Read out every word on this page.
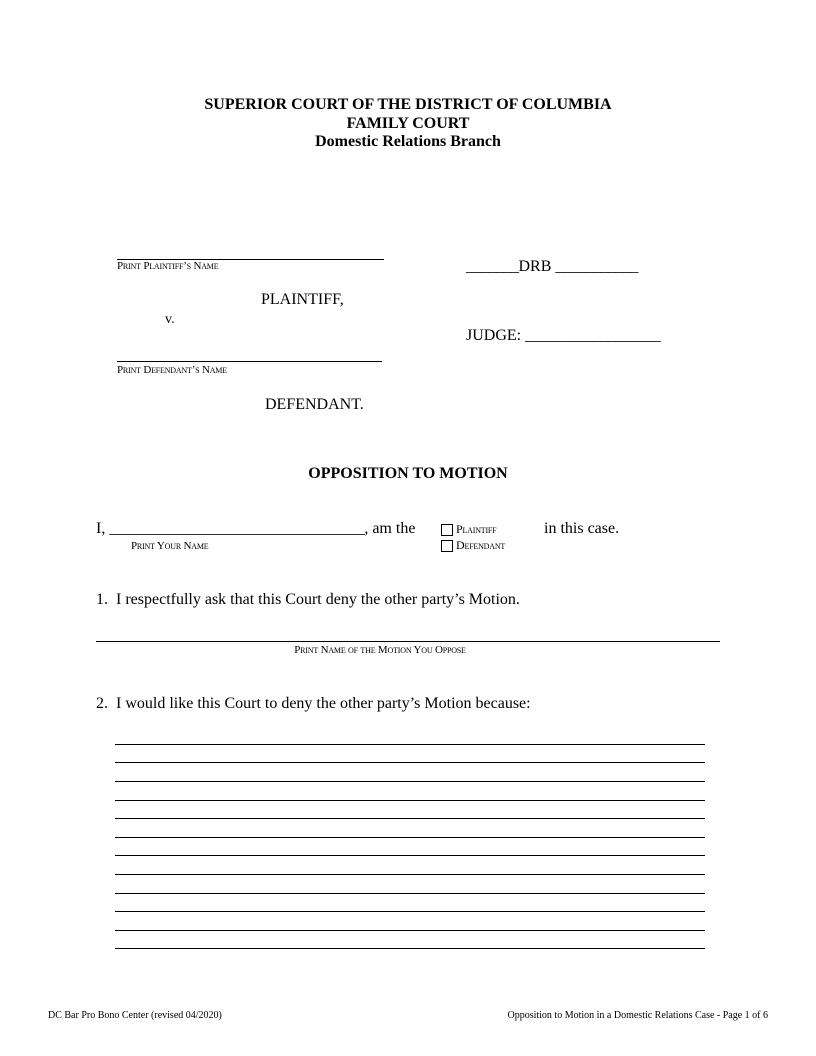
SUPERIOR COURT OF THE DISTRICT OF COLUMBIA
FAMILY COURT
Domestic Relations Branch
Print Plaintiff’s Name
PLAINTIFF,
v.
Print Defendant’s Name
DEFENDANT.
_______DRB ___________
JUDGE: __________________
OPPOSITION TO MOTION
I, __________________________________, am the
Print Your Name
Plaintiff
Defendant
in this case.
1. I respectfully ask that this Court deny the other party’s Motion.
Print Name of the Motion You Oppose
2. I would like this Court to deny the other party’s Motion because:
DC Bar Pro Bono Center (revised 04/2020)	Opposition to Motion in a Domestic Relations Case - Page 1 of 6
